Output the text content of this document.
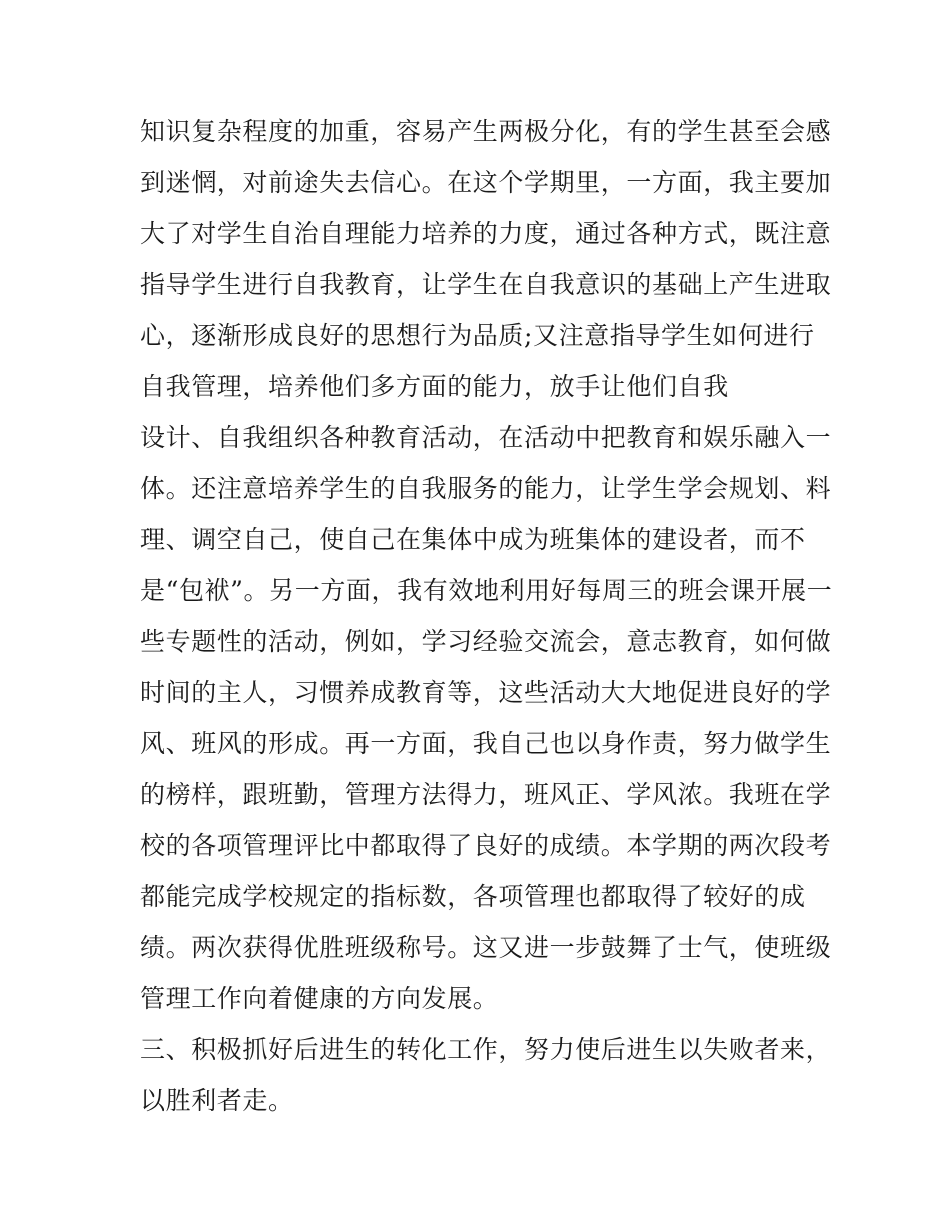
知识复杂程度的加重，容易产生两极分化，有的学生甚至会感
到迷惘，对前途失去信心。在这个学期里，一方面，我主要加
大了对学生自治自理能力培养的力度，通过各种方式，既注意
指导学生进行自我教育，让学生在自我意识的基础上产生进取
心，逐渐形成良好的思想行为品质;又注意指导学生如何进行
自我管理，培养他们多方面的能力，放手让他们自我
设计、自我组织各种教育活动，在活动中把教育和娱乐融入一
体。还注意培养学生的自我服务的能力，让学生学会规划、料
理、调空自己，使自己在集体中成为班集体的建设者，而不
是“包袱”。另一方面，我有效地利用好每周三的班会课开展一
些专题性的活动，例如，学习经验交流会，意志教育，如何做
时间的主人，习惯养成教育等，这些活动大大地促进良好的学
风、班风的形成。再一方面，我自己也以身作责，努力做学生
的榜样，跟班勤，管理方法得力，班风正、学风浓。我班在学
校的各项管理评比中都取得了良好的成绩。本学期的两次段考
都能完成学校规定的指标数，各项管理也都取得了较好的成
绩。两次获得优胜班级称号。这又进一步鼓舞了士气，使班级
管理工作向着健康的方向发展。
三、积极抓好后进生的转化工作，努力使后进生以失败者来，
以胜利者走。
